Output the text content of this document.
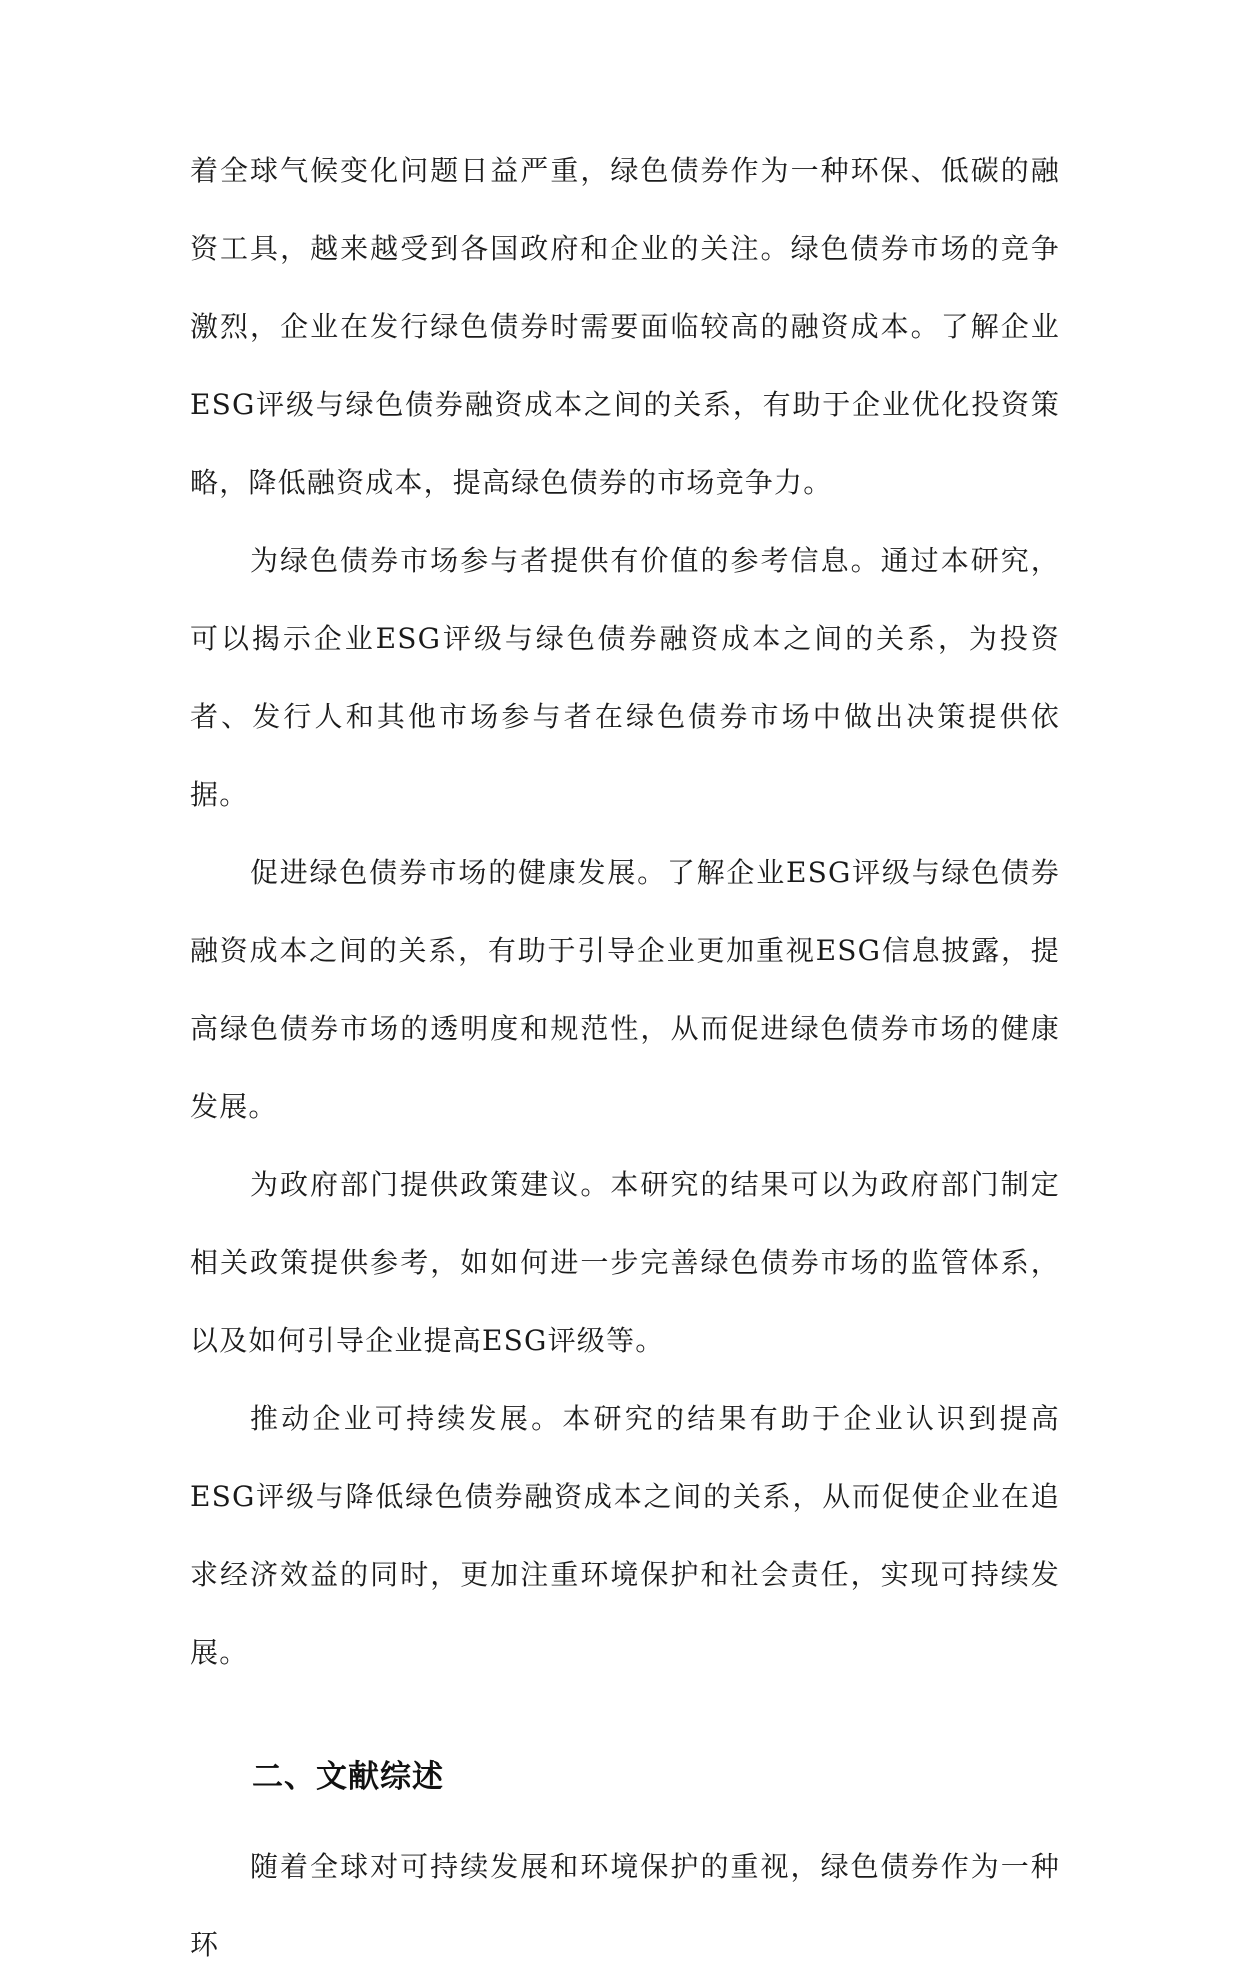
着全球气候变化问题日益严重，绿色债券作为一种环保、低碳的融资工具，越来越受到各国政府和企业的关注。绿色债券市场的竞争激烈，企业在发行绿色债券时需要面临较高的融资成本。了解企业ESG评级与绿色债券融资成本之间的关系，有助于企业优化投资策略，降低融资成本，提高绿色债券的市场竞争力。

为绿色债券市场参与者提供有价值的参考信息。通过本研究，可以揭示企业ESG评级与绿色债券融资成本之间的关系，为投资者、发行人和其他市场参与者在绿色债券市场中做出决策提供依据。

促进绿色债券市场的健康发展。了解企业ESG评级与绿色债券融资成本之间的关系，有助于引导企业更加重视ESG信息披露，提高绿色债券市场的透明度和规范性，从而促进绿色债券市场的健康发展。

为政府部门提供政策建议。本研究的结果可以为政府部门制定相关政策提供参考，如如何进一步完善绿色债券市场的监管体系，以及如何引导企业提高ESG评级等。

推动企业可持续发展。本研究的结果有助于企业认识到提高ESG评级与降低绿色债券融资成本之间的关系，从而促使企业在追求经济效益的同时，更加注重环境保护和社会责任，实现可持续发展。

二、文献综述

随着全球对可持续发展和环境保护的重视，绿色债券作为一种环
